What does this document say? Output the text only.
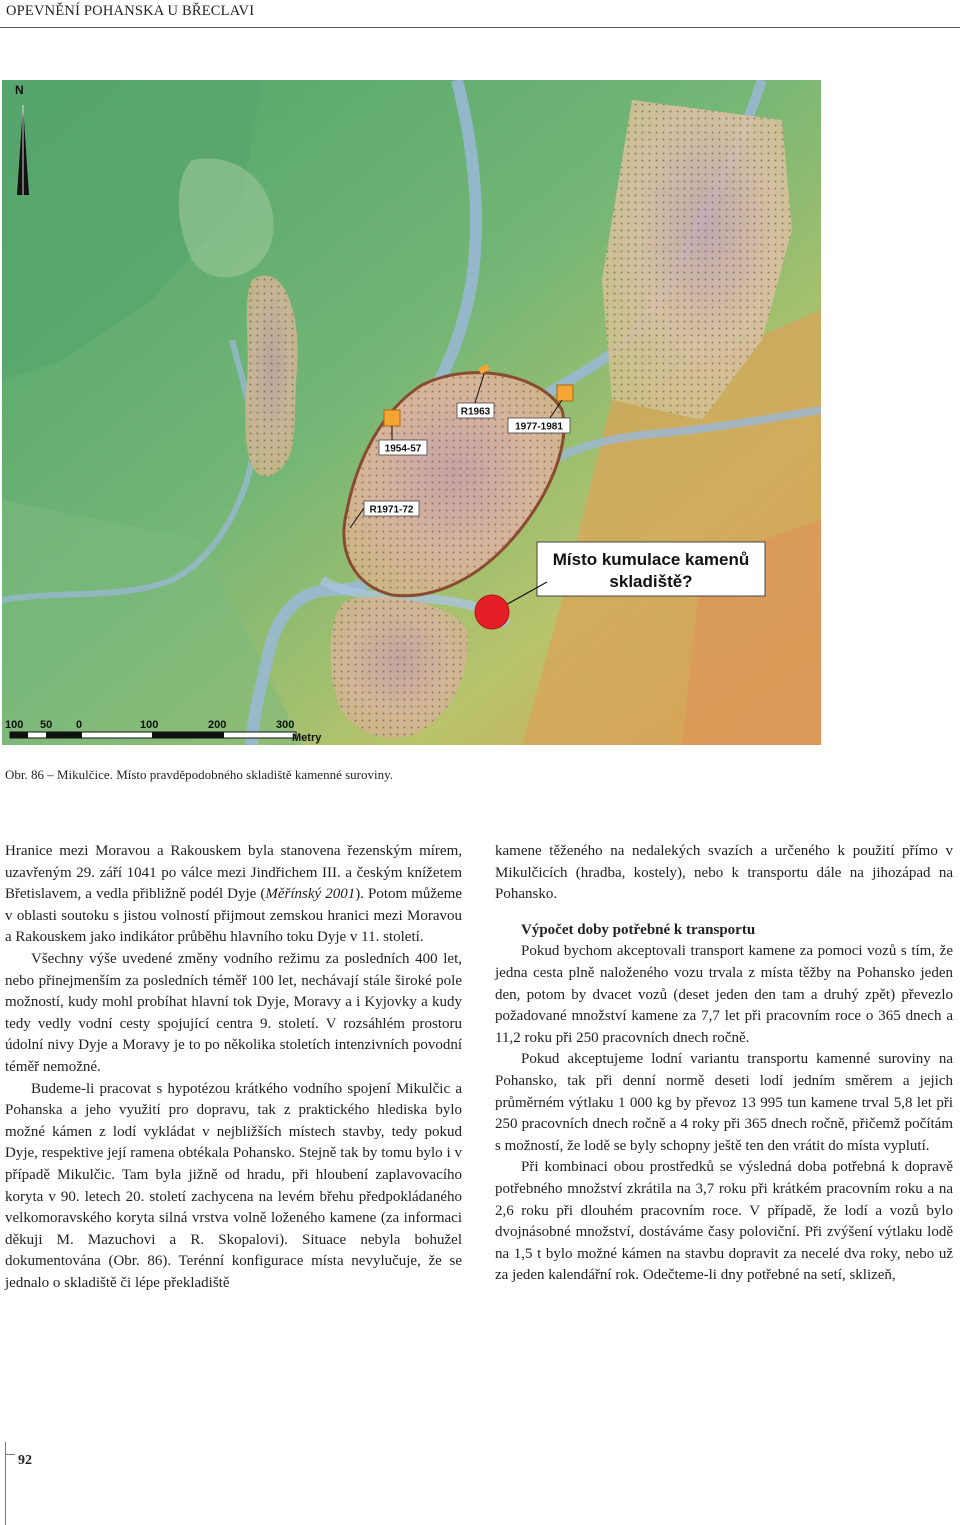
OPEVNĚNÍ POHANSKA U BŘECLAVI
N
R1963
1977-1981
1954-57
R1971-72
Místo kumulace kamenů
skladiště?
100 50 0	100	200	300
Metry
Obr. 86 – Mikulčice. Místo pravděpodobného skladiště kamenné suroviny.

Hranice mezi Moravou a Rakouskem byla stanovena řezenským mírem, uzavřeným 29. září 1041 po válce mezi Jindřichem III. a českým knížetem Břetislavem, a vedla přibližně podél Dyje (Měřínský 2001). Potom můžeme v oblasti soutoku s jistou volností přijmout zemskou hranici mezi Moravou a Rakouskem jako indikátor průběhu hlavního toku Dyje v 11. století.

Všechny výše uvedené změny vodního režimu za posledních 400 let, nebo přinejmenším za posledních téměř 100 let, nechávají stále široké pole možností, kudy mohl probíhat hlavní tok Dyje, Moravy a i Kyjovky a kudy tedy vedly vodní cesty spojující centra 9. století. V rozsáhlém prostoru údolní nivy Dyje a Moravy je to po několika stoletích intenzivních povodní téměř nemožné.

Budeme-li pracovat s hypotézou krátkého vodního spojení Mikulčic a Pohanska a jeho využití pro dopravu, tak z praktického hlediska bylo možné kámen z lodí vykládat v nejbližších místech stavby, tedy pokud Dyje, respektive její ramena obtékala Pohansko. Stejně tak by tomu bylo i v případě Mikulčic. Tam byla jižně od hradu, při hloubení zaplavovacího koryta v 90. letech 20. století zachycena na levém břehu předpokládaného velkomoravského koryta silná vrstva volně loženého kamene (za informaci děkuji M. Mazuchovi a R. Skopalovi). Situace nebyla bohužel dokumentována (Obr. 86). Terénní konfigurace místa nevylučuje, že se jednalo o skladiště či lépe překladiště

kamene těženého na nedalekých svazích a určeného k použití přímo v Mikulčicích (hradba, kostely), nebo k transportu dále na jihozápad na Pohansko.

Výpočet doby potřebné k transportu

Pokud bychom akceptovali transport kamene za pomoci vozů s tím, že jedna cesta plně naloženého vozu trvala z místa těžby na Pohansko jeden den, potom by dvacet vozů (deset jeden den tam a druhý zpět) převezlo požadované množství kamene za 7,7 let při pracovním roce o 365 dnech a 11,2 roku při 250 pracovních dnech ročně.

Pokud akceptujeme lodní variantu transportu kamenné suroviny na Pohansko, tak při denní normě deseti lodí jedním směrem a jejich průměrném výtlaku 1 000 kg by převoz 13 995 tun kamene trval 5,8 let při 250 pracovních dnech ročně a 4 roky při 365 dnech ročně, přičemž počítám s možností, že lodě se byly schopny ještě ten den vrátit do místa vyplutí.

Při kombinaci obou prostředků se výsledná doba potřebná k dopravě potřebného množství zkrátila na 3,7 roku při krátkém pracovním roku a na 2,6 roku při dlouhém pracovním roce. V případě, že lodí a vozů bylo dvojnásobné množství, dostáváme časy poloviční. Při zvýšení výtlaku lodě na 1,5 t bylo možné kámen na stavbu dopravit za necelé dva roky, nebo už za jeden kalendářní rok. Odečteme-li dny potřebné na setí, sklizeň,

92
